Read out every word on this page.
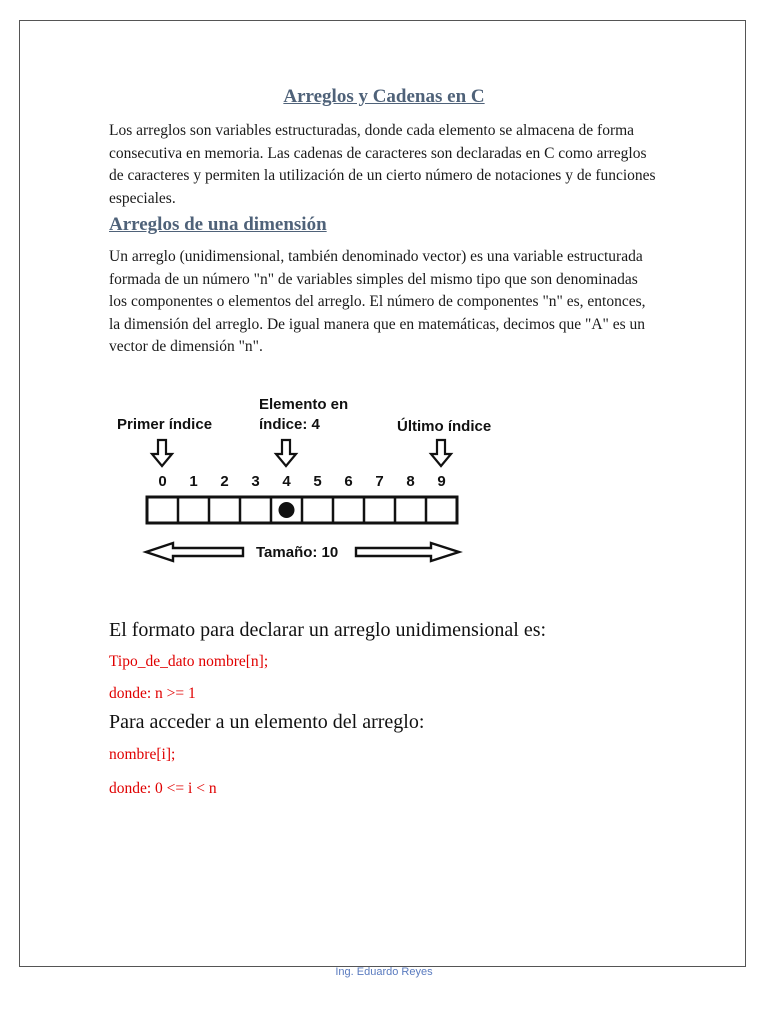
Arreglos y Cadenas en C

Los arreglos son variables estructuradas, donde cada elemento se almacena de forma consecutiva en memoria. Las cadenas de caracteres son declaradas en C como arreglos de caracteres y permiten la utilización de un cierto número de notaciones y de funciones especiales.

Arreglos de una dimensión

Un arreglo (unidimensional, también denominado vector) es una variable estructurada formada de un número "n" de variables simples del mismo tipo que son denominadas los componentes o elementos del arreglo. El número de componentes "n" es, entonces, la dimensión del arreglo. De igual manera que en matemáticas, decimos que "A" es un vector de dimensión "n".

Primer índice
Elemento en
índice: 4	Último índice
0 1 2 3 4 5 6 7 8 9
Tamaño: 10
El formato para declarar un arreglo unidimensional es:
Tipo_de_dato nombre[n];
donde: n >= 1
Para acceder a un elemento del arreglo:
nombre[i];
donde: 0 <= i < n
Ing. Eduardo Reyes
